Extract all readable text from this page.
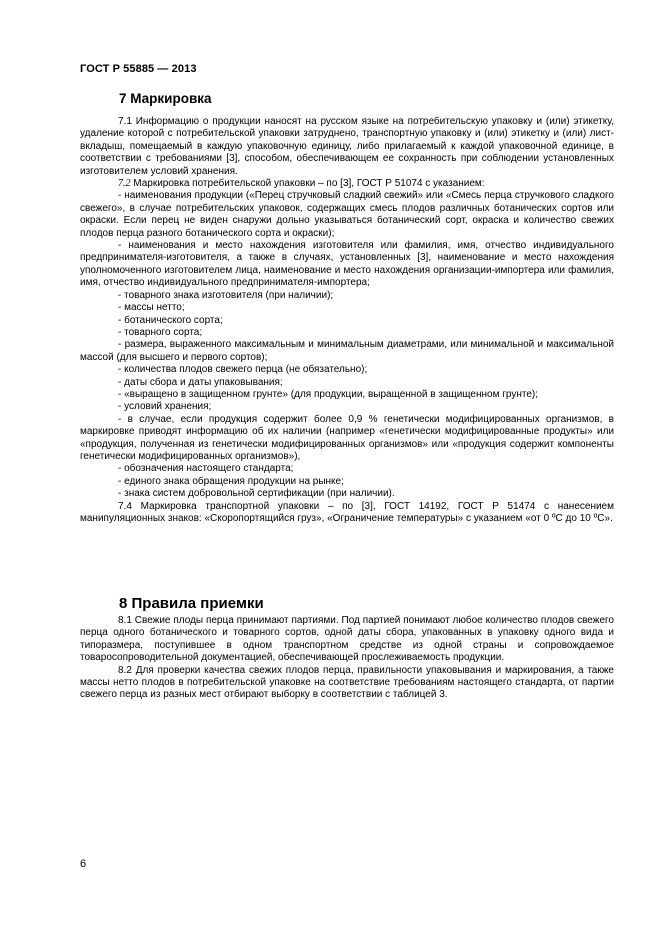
ГОСТ Р 55885 — 2013
7 Маркировка

7.1 Информацию о продукции наносят на русском языке на потребительскую упаковку и (или) этикетку, удаление которой с потребительской упаковки затруднено, транспортную упаковку и (или) этикетку и (или) лист-вкладыш, помещаемый в каждую упаковочную единицу, либо прилагаемый к каждой упаковочной единице, в соответствии с требованиями [3], способом, обеспечивающем ее сохранность при соблюдении установленных изготовителем условий хранения.

7.2 Маркировка потребительской упаковки – по [3], ГОСТ Р 51074 с указанием:

- наименования продукции («Перец стручковый сладкий свежий» или «Смесь перца стручкового сладкого свежего», в случае потребительских упаковок, содержащих смесь плодов различных ботанических сортов или окраски. Если перец не виден снаружи дольно указываться ботанический сорт, окраска и количество свежих плодов перца разного ботанического сорта и окраски);

- наименования и место нахождения изготовителя или фамилия, имя, отчество индивидуального предпринимателя-изготовителя, а также в случаях, установленных [3], наименование и место нахождения уполномоченного изготовителем лица, наименование и место нахождения организации-импортера или фамилия, имя, отчество индивидуального предпринимателя-импортера;

- товарного знака изготовителя (при наличии);

- массы нетто;

- ботанического сорта;

- товарного сорта;

- размера, выраженного максимальным и минимальным диаметрами, или минимальной и максимальной массой (для высшего и первого сортов);

- количества плодов свежего перца (не обязательно);

- даты сбора и даты упаковывания;

- «выращено в защищенном грунте» (для продукции, выращенной в защищенном грунте);

- условий хранения;

- в случае, если продукция содержит более 0,9 % генетически модифицированных организмов, в маркировке приводят информацию об их наличии (например «генетически модифицированные продукты» или «продукция, полученная из генетически модифицированных организмов» или «продукция содержит компоненты генетически модифицированных организмов»),

- обозначения настоящего стандарта;

- единого знака обращения продукции на рынке;

- знака систем добровольной сертификации (при наличии).

7.4 Маркировка транспортной упаковки – по [3], ГОСТ 14192, ГОСТ Р 51474 с нанесением манипуляционных знаков: «Скоропортящийся груз», «Ограничение температуры» с указанием «от 0 ºС до 10 ºС».

8 Правила приемки

8.1 Свежие плоды перца принимают партиями. Под партией понимают любое количество плодов свежего перца одного ботанического и товарного сортов, одной даты сбора, упакованных в упаковку одного вида и типоразмера, поступившее в одном транспортном средстве из одной страны и сопровождаемое товаросопроводительной документацией, обеспечивающей прослеживаемость продукции.

8.2 Для проверки качества свежих плодов перца, правильности упаковывания и маркирования, а также массы нетто плодов в потребительской упаковке на соответствие требованиям настоящего стандарта, от партии свежего перца из разных мест отбирают выборку в соответствии с таблицей 3.

6
